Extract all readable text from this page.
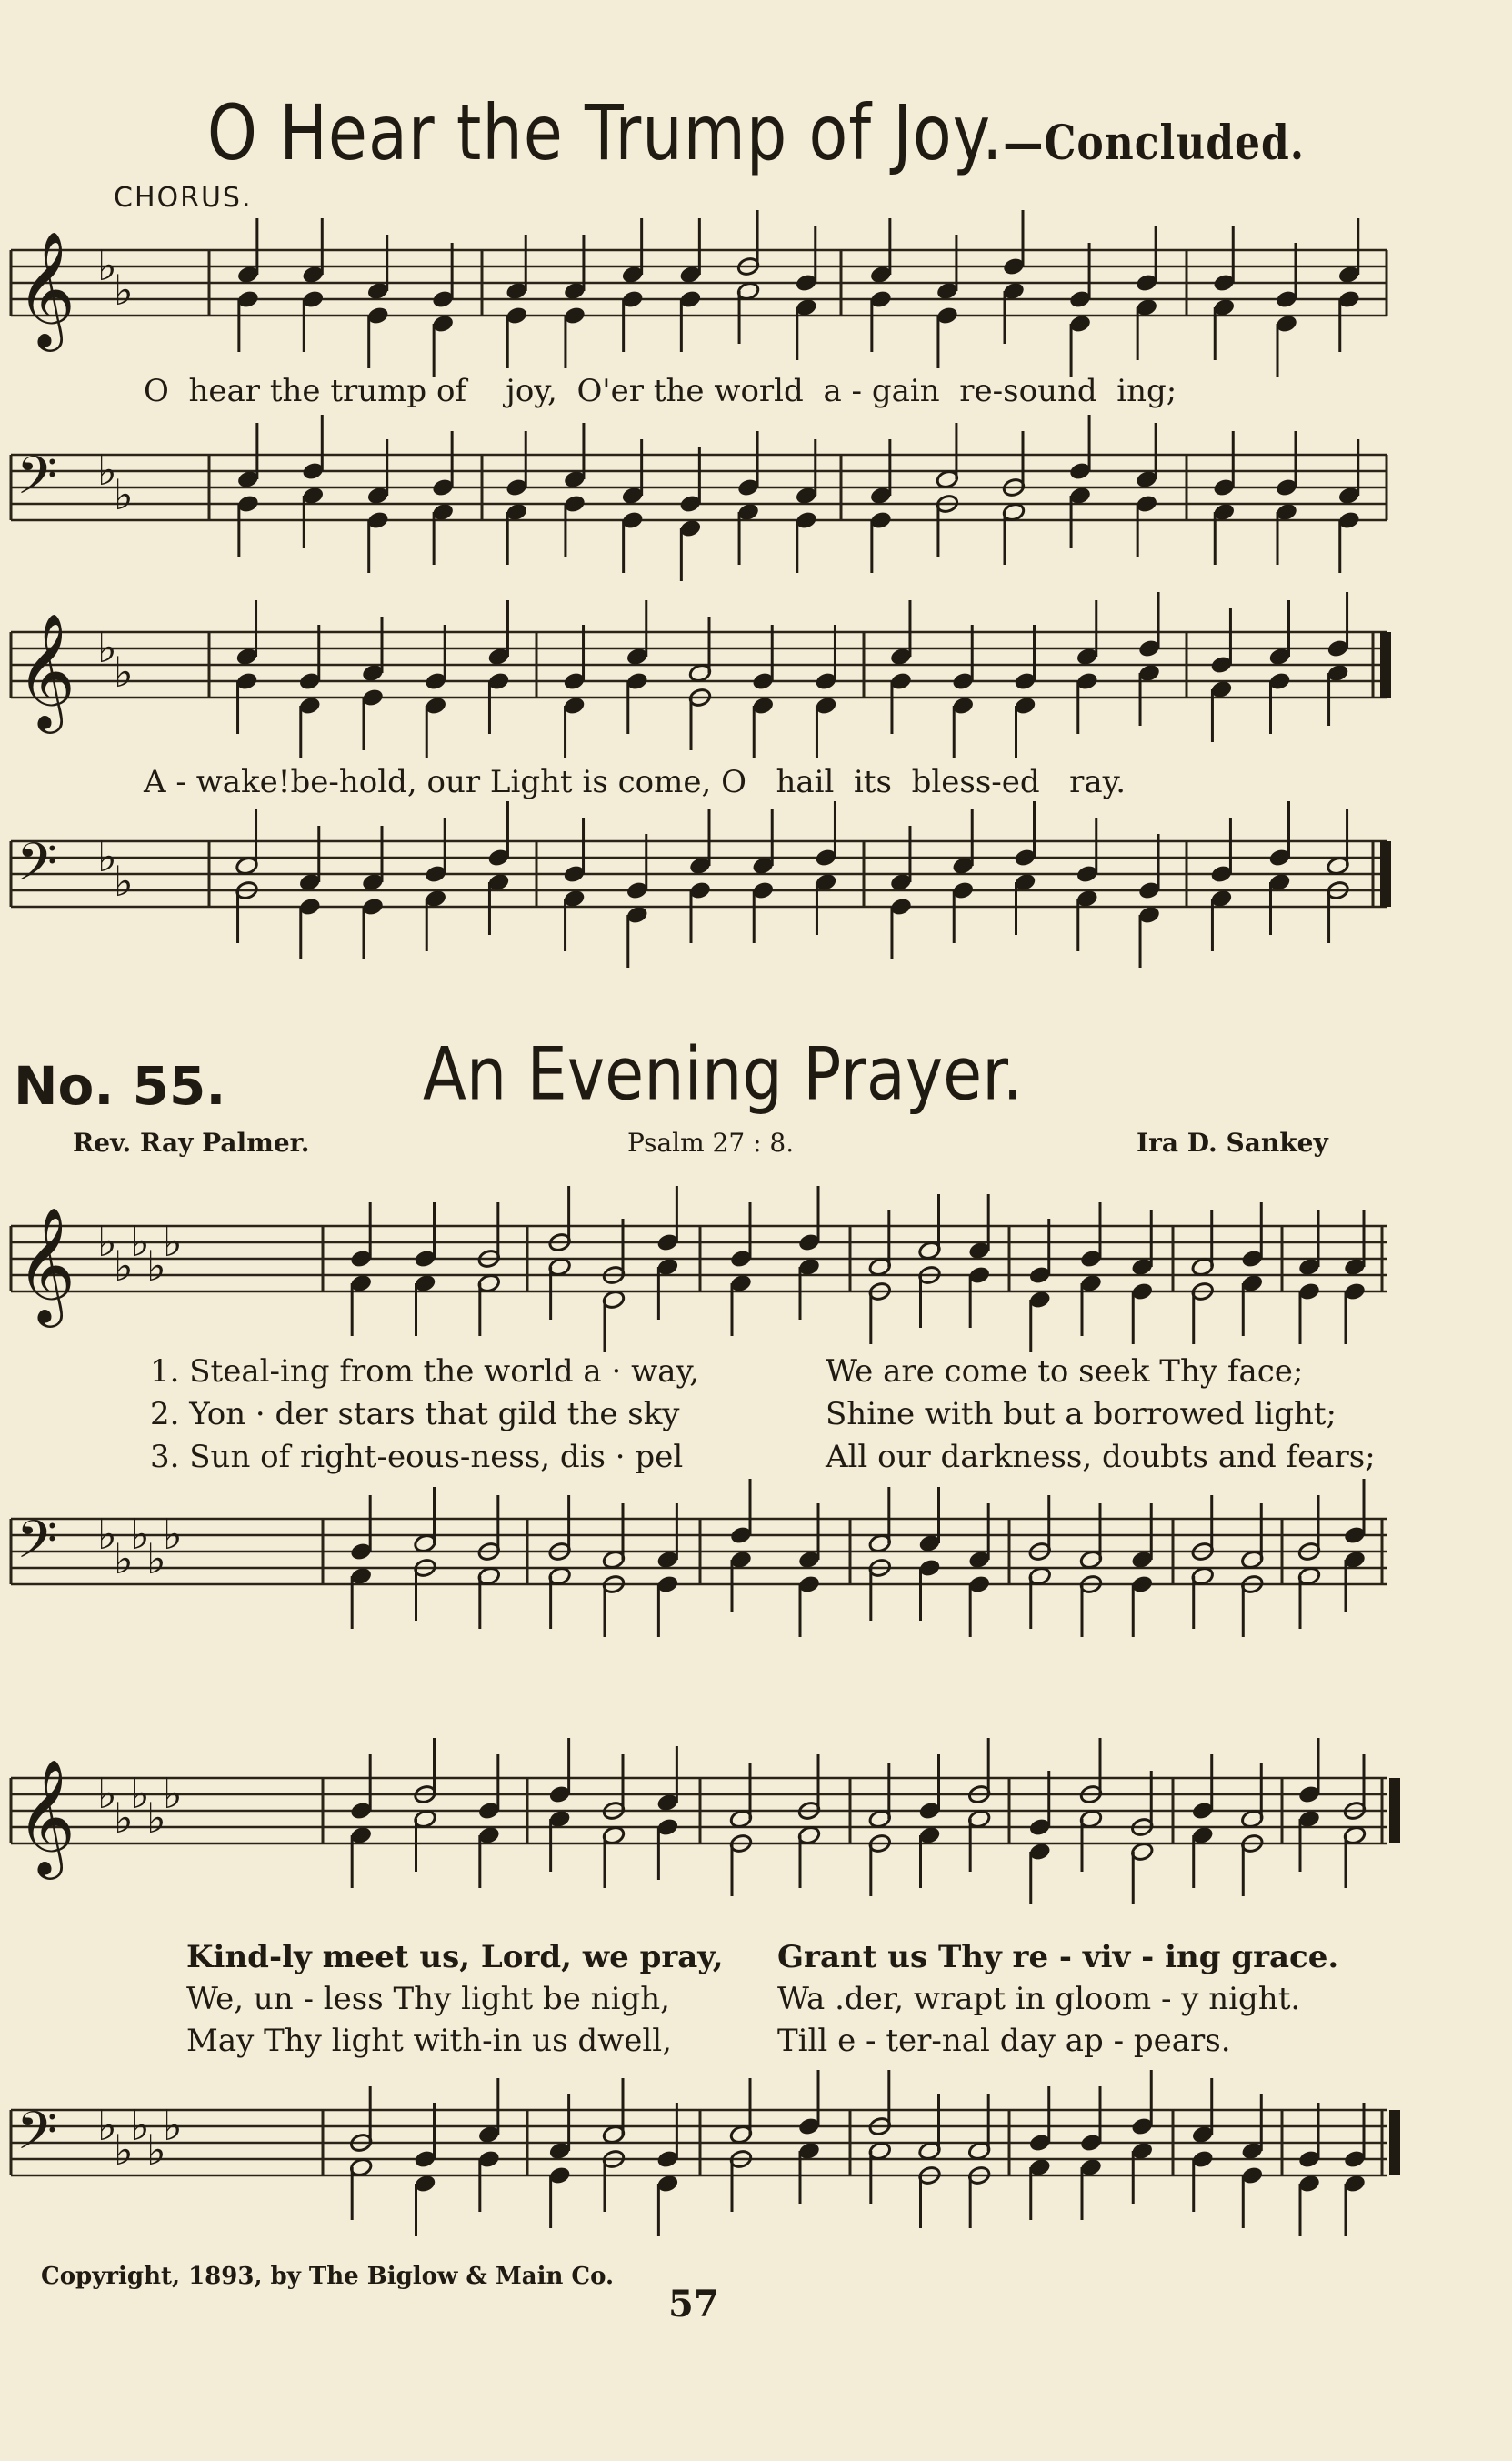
O Hear the Trump of Joy.—Concluded.
CHORUS.
𝄞 ♭
♭
O hear the trump of joy, O'er the world a - gain re-sound ing;
𝄢 ♭
♭
𝄞 ♭
♭
A - wake!be-hold, our Light is come, O hail its bless-ed ray.
𝄢 ♭
♭
No. 55.	An Evening Prayer.
Rev. Ray Palmer.	Psalm 27 : 8.	Ira D. Sankey
𝄞 ♭
♭
♭
♭
♭
1. Steal-ing from the world a · way,	We are come to seek Thy face;
2. Yon · der stars that gild the sky	Shine with but a borrowed light;
3. Sun of right-eous-ness, dis · pel	All our darkness, doubts and fears;
𝄢 ♭
♭
♭
♭
♭
𝄞 ♭
♭
♭
♭
♭
Kind-ly meet us, Lord, we pray, Grant us Thy re - viv - ing grace.
We, un - less Thy light be nigh,	Wa .der, wrapt in gloom - y night.
May Thy light with-in us dwell,	Till e - ter-nal day ap - pears.
𝄢 ♭
♭
♭
♭
♭
Copyright, 1893, by The Biglow & Main Co.
57
